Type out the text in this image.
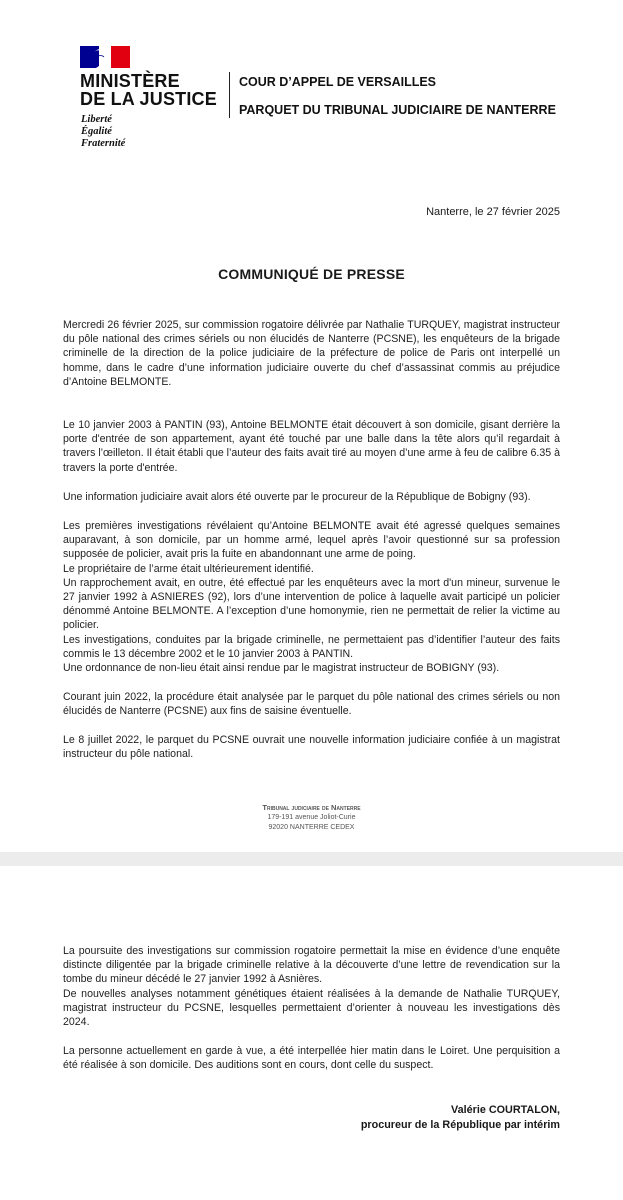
MINISTÈRE
DE LA JUSTICE
Liberté
Égalité
Fraternité
COUR D’APPEL DE VERSAILLES
PARQUET DU TRIBUNAL JUDICIAIRE DE NANTERRE
Nanterre, le 27 février 2025
COMMUNIQUÉ DE PRESSE

Mercredi 26 février 2025, sur commission rogatoire délivrée par Nathalie TURQUEY, magistrat instructeur du pôle national des crimes sériels ou non élucidés de Nanterre (PCSNE), les enquêteurs de la brigade criminelle de la direction de la police judiciaire de la préfecture de police de Paris ont interpellé un homme, dans le cadre d’une information judiciaire ouverte du chef d’assassinat commis au préjudice d’Antoine BELMONTE.

Le 10 janvier 2003 à PANTIN (93), Antoine BELMONTE était découvert à son domicile, gisant derrière la porte d'entrée de son appartement, ayant été touché par une balle dans la tête alors qu’il regardait à travers l’œilleton. Il était établi que l’auteur des faits avait tiré au moyen d’une arme à feu de calibre 6.35 à travers la porte d'entrée.

Une information judiciaire avait alors été ouverte par le procureur de la République de Bobigny (93).

Les premières investigations révélaient qu’Antoine BELMONTE avait été agressé quelques semaines auparavant, à son domicile, par un homme armé, lequel après l’avoir questionné sur sa profession supposée de policier, avait pris la fuite en abandonnant une arme de poing.

Le propriétaire de l’arme était ultérieurement identifié.

Un rapprochement avait, en outre, été effectué par les enquêteurs avec la mort d'un mineur, survenue le 27 janvier 1992 à ASNIERES (92), lors d’une intervention de police à laquelle avait participé un policier dénommé Antoine BELMONTE. A l’exception d’une homonymie, rien ne permettait de relier la victime au policier.

Les investigations, conduites par la brigade criminelle, ne permettaient pas d’identifier l’auteur des faits commis le 13 décembre 2002 et le 10 janvier 2003 à PANTIN.

Une ordonnance de non-lieu était ainsi rendue par le magistrat instructeur de BOBIGNY (93).

Courant juin 2022, la procédure était analysée par le parquet du pôle national des crimes sériels ou non élucidés de Nanterre (PCSNE) aux fins de saisine éventuelle.

Le 8 juillet 2022, le parquet du PCSNE ouvrait une nouvelle information judiciaire confiée à un magistrat instructeur du pôle national.

Tribunal judiciaire de Nanterre
179-191 avenue Joliot-Curie
92020 NANTERRE CEDEX

La poursuite des investigations sur commission rogatoire permettait la mise en évidence d’une enquête distincte diligentée par la brigade criminelle relative à la découverte d’une lettre de revendication sur la tombe du mineur décédé le 27 janvier 1992 à Asnières.

De nouvelles analyses notamment génétiques étaient réalisées à la demande de Nathalie TURQUEY, magistrat instructeur du PCSNE, lesquelles permettaient d’orienter à nouveau les investigations dès 2024.

La personne actuellement en garde à vue, a été interpellée hier matin dans le Loiret. Une perquisition a été réalisée à son domicile. Des auditions sont en cours, dont celle du suspect.

Valérie COURTALON,
procureur de la République par intérim
